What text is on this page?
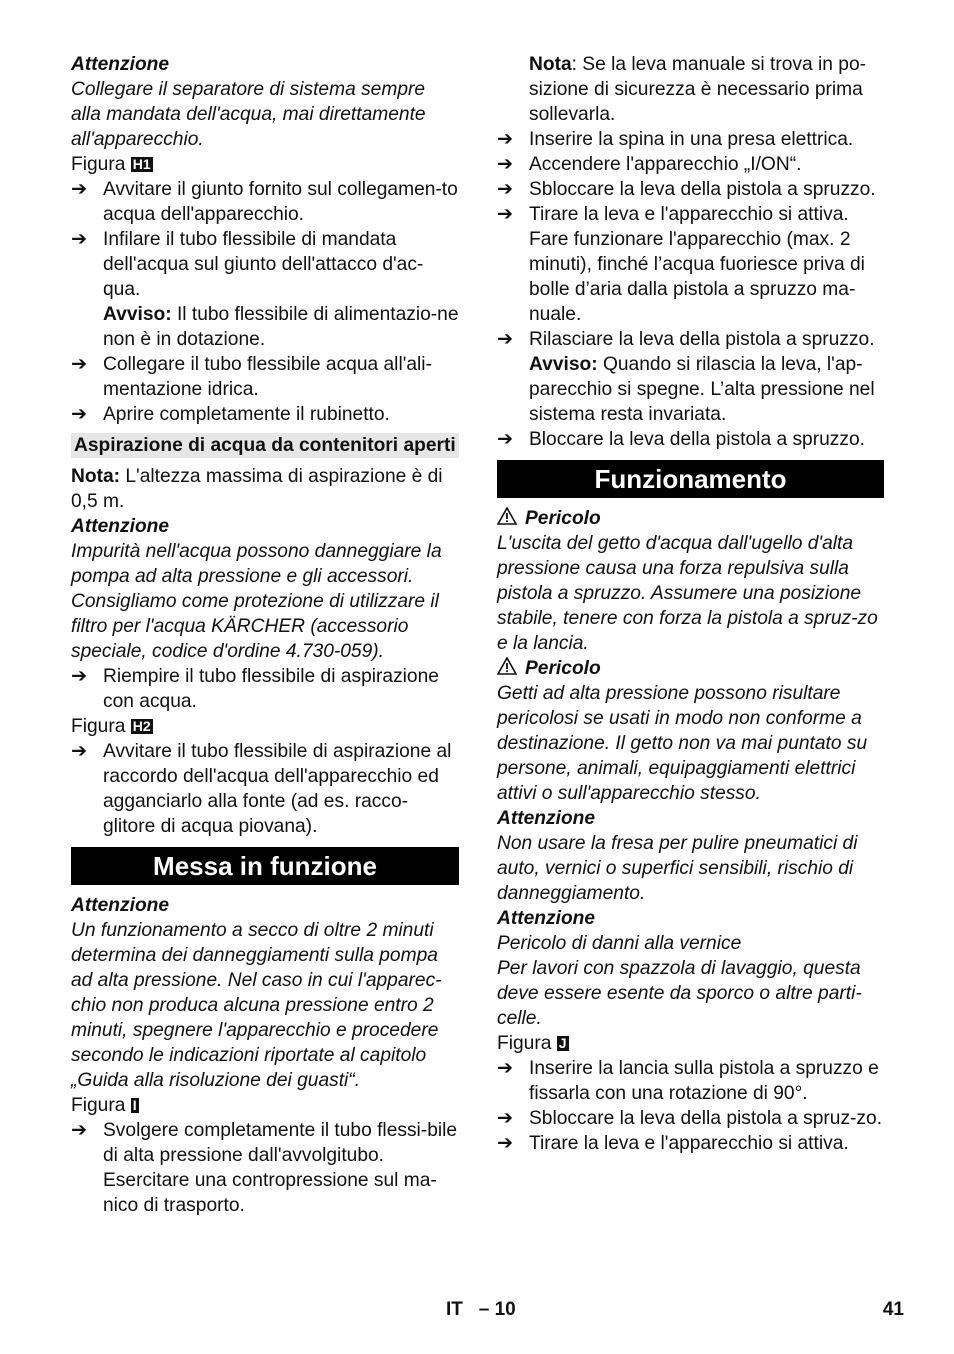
Attenzione

Collegare il separatore di sistema sempre alla mandata dell'acqua, mai direttamente all'apparecchio.

Figura H1

➔ Avvitare il giunto fornito sul collegamen-to acqua dell'apparecchio.

➔ Infilare il tubo flessibile di mandata dell'acqua sul giunto dell'attacco d'ac-qua.

Avviso: Il tubo flessibile di alimentazio-ne non è in dotazione.

➔ Collegare il tubo flessibile acqua all'ali-mentazione idrica.

➔ Aprire completamente il rubinetto.

Aspirazione di acqua da contenitori aperti

Nota: L'altezza massima di aspirazione è di 0,5 m.

Attenzione

Impurità nell'acqua possono danneggiare la pompa ad alta pressione e gli accessori. Consigliamo come protezione di utilizzare il filtro per l'acqua KÄRCHER (accessorio speciale, codice d'ordine 4.730-059).

➔ Riempire il tubo flessibile di aspirazione con acqua.

Figura H2

➔ Avvitare il tubo flessibile di aspirazione al raccordo dell'acqua dell'apparecchio ed agganciarlo alla fonte (ad es. racco-glitore di acqua piovana).

Messa in funzione

Attenzione

Un funzionamento a secco di oltre 2 minuti determina dei danneggiamenti sulla pompa ad alta pressione. Nel caso in cui l'apparec-chio non produca alcuna pressione entro 2 minuti, spegnere l'apparecchio e procedere secondo le indicazioni riportate al capitolo „Guida alla risoluzione dei guasti“.

Figura I

➔ Svolgere completamente il tubo flessi-bile di alta pressione dall'avvolgitubo. Esercitare una contropressione sul ma-nico di trasporto.

Nota: Se la leva manuale si trova in po-sizione di sicurezza è necessario prima sollevarla.

➔ Inserire la spina in una presa elettrica.

➔ Accendere l'apparecchio „I/ON“.

➔ Sbloccare la leva della pistola a spruzzo.

➔ Tirare la leva e l'apparecchio si attiva.

Fare funzionare l'apparecchio (max. 2 minuti), finché l’acqua fuoriesce priva di bolle d’aria dalla pistola a spruzzo ma-nuale.

➔ Rilasciare la leva della pistola a spruzzo.

Avviso: Quando si rilascia la leva, l'ap-parecchio si spegne. L’alta pressione nel sistema resta invariata.

➔ Bloccare la leva della pistola a spruzzo.

Funzionamento

Pericolo

L'uscita del getto d'acqua dall'ugello d'alta pressione causa una forza repulsiva sulla pistola a spruzzo. Assumere una posizione stabile, tenere con forza la pistola a spruz-zo e la lancia.

Pericolo

Getti ad alta pressione possono risultare pericolosi se usati in modo non conforme a destinazione. Il getto non va mai puntato su persone, animali, equipaggiamenti elettrici attivi o sull'apparecchio stesso.

Attenzione

Non usare la fresa per pulire pneumatici di auto, vernici o superfici sensibili, rischio di danneggiamento.

Attenzione

Pericolo di danni alla vernice

Per lavori con spazzola di lavaggio, questa deve essere esente da sporco o altre parti-celle.

Figura J

➔ Inserire la lancia sulla pistola a spruzzo e fissarla con una rotazione di 90°.

➔ Sbloccare la leva della pistola a spruz-zo.

➔ Tirare la leva e l'apparecchio si attiva.

IT – 10	41
